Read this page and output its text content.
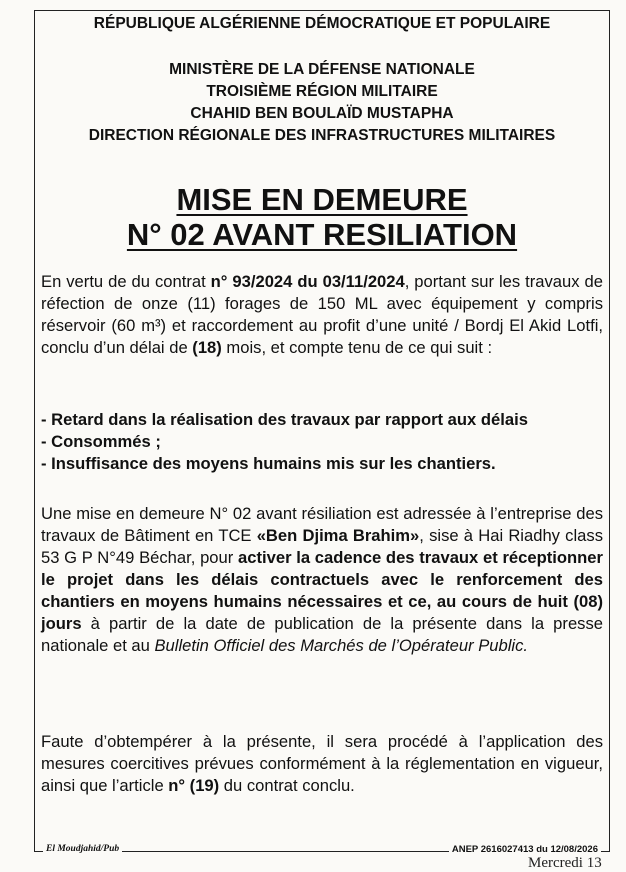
RÉPUBLIQUE ALGÉRIENNE DÉMOCRATIQUE ET POPULAIRE
MINISTÈRE DE LA DÉFENSE NATIONALE
TROISIÈME RÉGION MILITAIRE
CHAHID BEN BOULAÏD MUSTAPHA
DIRECTION RÉGIONALE DES INFRASTRUCTURES MILITAIRES
MISE EN DEMEURE
N° 02 AVANT RESILIATION

En vertu de du contrat n° 93/2024 du 03/11/2024, portant sur les travaux de réfection de onze (11) forages de 150 ML avec équipement y compris réservoir (60 m³) et raccordement au profit d’une unité / Bordj El Akid Lotfi, conclu d’un délai de (18) mois, et compte tenu de ce qui suit :

- Retard dans la réalisation des travaux par rapport aux délais
- Consommés ;
- Insuffisance des moyens humains mis sur les chantiers.

Une mise en demeure N° 02 avant résiliation est adressée à l’entreprise des travaux de Bâtiment en TCE «Ben Djima Brahim», sise à Hai Riadhy class 53 G P N°49 Béchar, pour activer la cadence des travaux et réceptionner le projet dans les délais contractuels avec le renforcement des chantiers en moyens humains nécessaires et ce, au cours de huit (08) jours à partir de la date de publication de la présente dans la presse nationale et au Bulletin Officiel des Marchés de l’Opérateur Public.

Faute d’obtempérer à la présente, il sera procédé à l’application des mesures coercitives prévues conformément à la réglementation en vigueur, ainsi que l’article n° (19) du contrat conclu.

El Moudjahid/Pub	ANEP 2616027413 du 12/08/2026
Mercredi 13
